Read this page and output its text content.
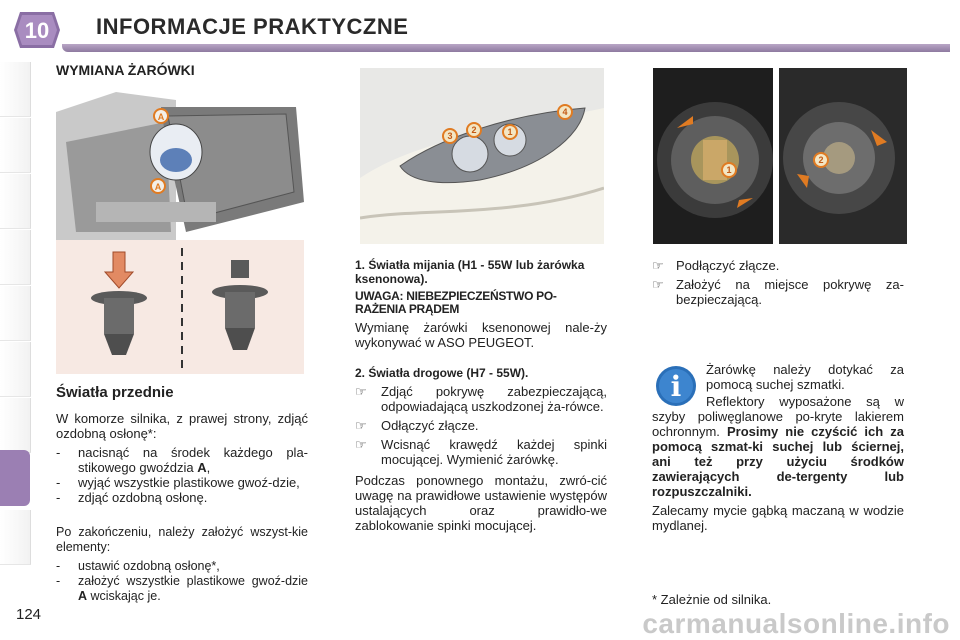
10 INFORMACJE PRAKTYCZNE
WYMIANA ŻARÓWKI
A
A
3
2	1
4
1
2
Światła przednie
W komorze silnika, z prawej strony, zdjąć ozdobną osłonę*:
- nacisnąć na środek każdego pla-stikowego gwoździa A,
- wyjąć wszystkie plastikowe gwoź-dzie,
- zdjąć ozdobną osłonę.
Po zakończeniu, należy założyć wszyst-kie elementy:
- ustawić ozdobną osłonę*,
- założyć wszystkie plastikowe gwoź-dzie A wciskając je.
1. Światła mijania (H1 - 55W lub żarówka ksenonowa).
UWAGA: NIEBEZPIECZEŃSTWO PO-RAŻENIA PRĄDEM
Wymianę żarówki ksenonowej nale-ży wykonywać w ASO PEUGEOT.
2. Światła drogowe (H7 - 55W).
☞ Zdjąć pokrywę zabezpieczającą, odpowiadającą uszkodzonej ża-rówce.
☞ Odłączyć złącze.
☞ Wcisnąć krawędź każdej spinki mocującej. Wymienić żarówkę.
Podczas ponownego montażu, zwró-cić uwagę na prawidłowe ustawienie występów ustalających oraz prawidło-we zablokowanie spinki mocującej.
☞ Podłączyć złącze.
☞ Założyć na miejsce pokrywę za-bezpieczającą.
i
Żarówkę należy dotykać za pomocą suchej szmatki.
Reflektory wyposażone są w szyby poliwęglanowe po-kryte lakierem ochronnym. Prosimy nie czyścić ich za pomocą szmat-ki suchej lub ściernej, ani też przy użyciu środków zawierających de-tergenty lub rozpuszczalniki.
Zalecamy mycie gąbką maczaną w wodzie mydlanej.
* Zależnie od silnika.
124	carmanualsonline.info
